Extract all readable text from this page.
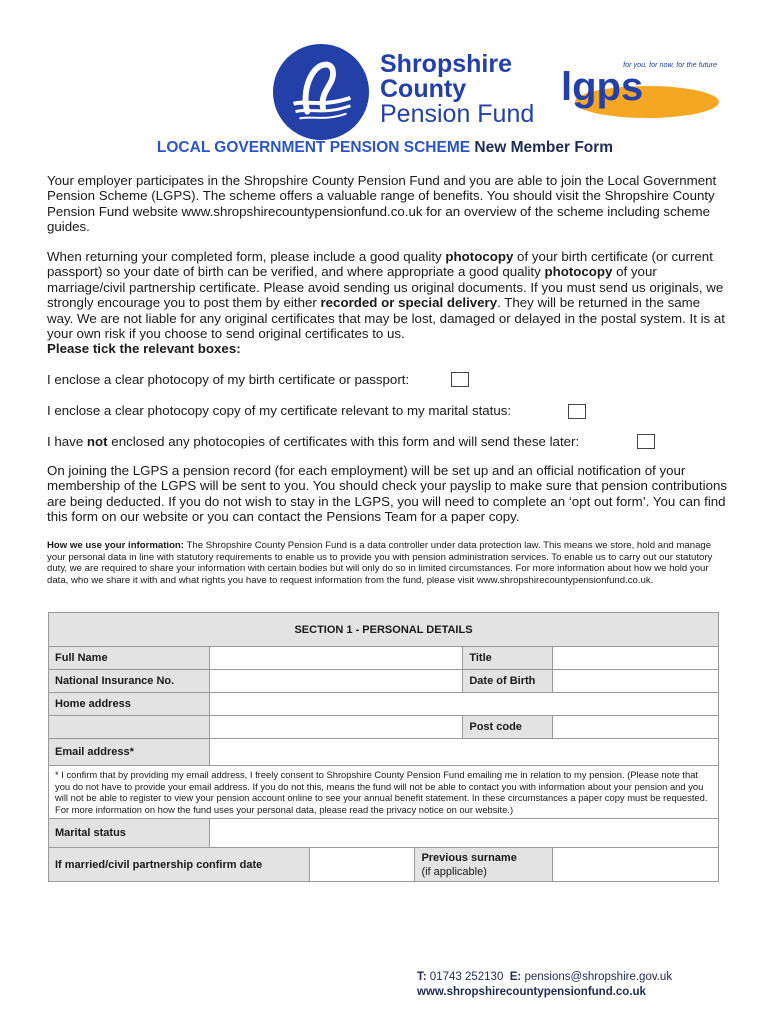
Shropshire
County
Pension Fund
for you, for now, for the future
lgps
LOCAL GOVERNMENT PENSION SCHEME New Member Form

Your employer participates in the Shropshire County Pension Fund and you are able to join the Local Government Pension Scheme (LGPS). The scheme offers a valuable range of benefits. You should visit the Shropshire County Pension Fund website www.shropshirecountypensionfund.co.uk for an overview of the scheme including scheme guides.

When returning your completed form, please include a good quality photocopy of your birth certificate (or current passport) so your date of birth can be verified, and where appropriate a good quality photocopy of your marriage/civil partnership certificate. Please avoid sending us original documents. If you must send us originals, we strongly encourage you to post them by either recorded or special delivery. They will be returned in the same way. We are not liable for any original certificates that may be lost, damaged or delayed in the postal system. It is at your own risk if you choose to send original certificates to us.
Please tick the relevant boxes:

I enclose a clear photocopy of my birth certificate or passport:
I enclose a clear photocopy copy of my certificate relevant to my marital status:
I have not enclosed any photocopies of certificates with this form and will send these later:

On joining the LGPS a pension record (for each employment) will be set up and an official notification of your membership of the LGPS will be sent to you. You should check your payslip to make sure that pension contributions are being deducted. If you do not wish to stay in the LGPS, you will need to complete an ‘opt out form’. You can find this form on our website or you can contact the Pensions Team for a paper copy.

How we use your information: The Shropshire County Pension Fund is a data controller under data protection law. This means we store, hold and manage your personal data in line with statutory requirements to enable us to provide you with pension administration services. To enable us to carry out our statutory duty, we are required to share your information with certain bodies but will only do so in limited circumstances. For more information about how we hold your data, who we share it with and what rights you have to request information from the fund, please visit www.shropshirecountypensionfund.co.uk.

SECTION 1 - PERSONAL DETAILS					
Full Name				Title	
National Insurance No.				Date of Birth	
Home address					
				Post code	
Email address*					
* I confirm that by providing my email address, I freely consent to Shropshire County Pension Fund emailing me in relation to my pension. (Please note that you do not have to provide your email address. If you do not this, means the fund will not be able to contact you with information about your pension and you will not be able to register to view your pension account online to see your annual benefit statement. In these circumstances a paper copy must be requested. For more information on how the fund uses your personal data, please read the privacy notice on our website.)					
Marital status					
If married/civil partnership confirm date			Previous surname
(if applicable)		
T: 01743 252130 E: pensions@shropshire.gov.uk
www.shropshirecountypensionfund.co.uk
